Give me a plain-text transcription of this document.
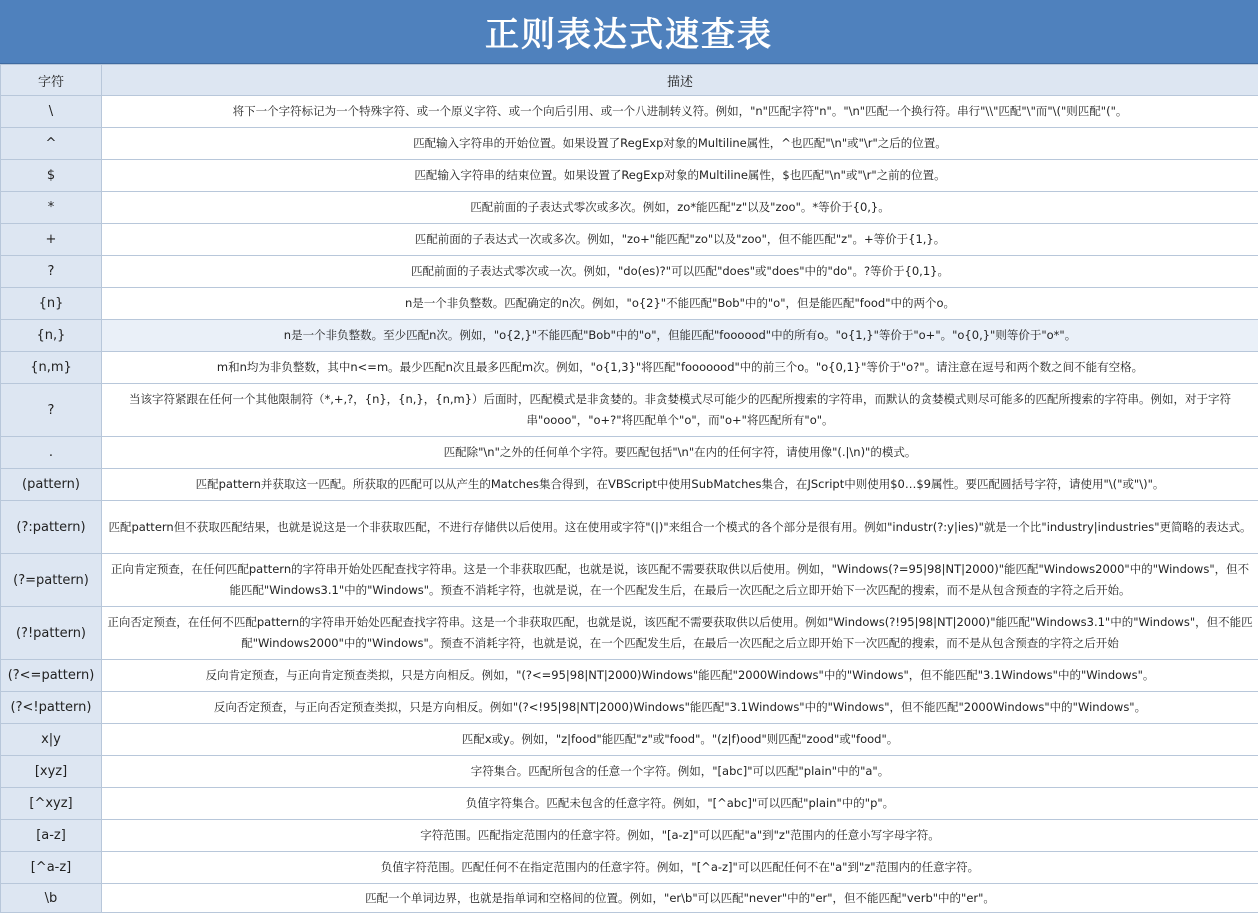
正则表达式速查表
字符	描述
\	将下一个字符标记为一个特殊字符、或一个原义字符、或一个向后引用、或一个八进制转义符。例如，"n"匹配字符"n"。"\n"匹配一个换行符。串行"\\"匹配"\"而"\("则匹配"("。
^	匹配输入字符串的开始位置。如果设置了RegExp对象的Multiline属性，^也匹配"\n"或"\r"之后的位置。
$	匹配输入字符串的结束位置。如果设置了RegExp对象的Multiline属性，$也匹配"\n"或"\r"之前的位置。
*	匹配前面的子表达式零次或多次。例如，zo*能匹配"z"以及"zoo"。*等价于{0,}。
+	匹配前面的子表达式一次或多次。例如，"zo+"能匹配"zo"以及"zoo"，但不能匹配"z"。+等价于{1,}。
?	匹配前面的子表达式零次或一次。例如，"do(es)?"可以匹配"does"或"does"中的"do"。?等价于{0,1}。
{n}	n是一个非负整数。匹配确定的n次。例如，"o{2}"不能匹配"Bob"中的"o"，但是能匹配"food"中的两个o。
{n,}	n是一个非负整数。至少匹配n次。例如，"o{2,}"不能匹配"Bob"中的"o"，但能匹配"foooood"中的所有o。"o{1,}"等价于"o+"。"o{0,}"则等价于"o*"。
{n,m}	m和n均为非负整数，其中n<=m。最少匹配n次且最多匹配m次。例如，"o{1,3}"将匹配"fooooood"中的前三个o。"o{0,1}"等价于"o?"。请注意在逗号和两个数之间不能有空格。
?	当该字符紧跟在任何一个其他限制符（*,+,?，{n}，{n,}，{n,m}）后面时，匹配模式是非贪婪的。非贪婪模式尽可能少的匹配所搜索的字符串，而默认的贪婪模式则尽可能多的匹配所搜索的字符串。例如，对于字符串"oooo"，"o+?"将匹配单个"o"，而"o+"将匹配所有"o"。
.	匹配除"\n"之外的任何单个字符。要匹配包括"\n"在内的任何字符，请使用像"(.|\n)"的模式。
(pattern)	匹配pattern并获取这一匹配。所获取的匹配可以从产生的Matches集合得到，在VBScript中使用SubMatches集合，在JScript中则使用$0…$9属性。要匹配圆括号字符，请使用"\("或"\)"。
(?:pattern)	匹配pattern但不获取匹配结果，也就是说这是一个非获取匹配，不进行存储供以后使用。这在使用或字符"(|)"来组合一个模式的各个部分是很有用。例如"industr(?:y|ies)"就是一个比"industry|industries"更简略的表达式。
(?=pattern)	正向肯定预查，在任何匹配pattern的字符串开始处匹配查找字符串。这是一个非获取匹配，也就是说，该匹配不需要获取供以后使用。例如，"Windows(?=95|98|NT|2000)"能匹配"Windows2000"中的"Windows"，但不能匹配"Windows3.1"中的"Windows"。预查不消耗字符，也就是说，在一个匹配发生后，在最后一次匹配之后立即开始下一次匹配的搜索，而不是从包含预查的字符之后开始。
(?!pattern)	正向否定预查，在任何不匹配pattern的字符串开始处匹配查找字符串。这是一个非获取匹配，也就是说，该匹配不需要获取供以后使用。例如"Windows(?!95|98|NT|2000)"能匹配"Windows3.1"中的"Windows"，但不能匹配"Windows2000"中的"Windows"。预查不消耗字符，也就是说，在一个匹配发生后，在最后一次匹配之后立即开始下一次匹配的搜索，而不是从包含预查的字符之后开始
(?<=pattern)	反向肯定预查，与正向肯定预查类拟，只是方向相反。例如，"(?<=95|98|NT|2000)Windows"能匹配"2000Windows"中的"Windows"，但不能匹配"3.1Windows"中的"Windows"。
(?<!pattern)	反向否定预查，与正向否定预查类拟，只是方向相反。例如"(?<!95|98|NT|2000)Windows"能匹配"3.1Windows"中的"Windows"，但不能匹配"2000Windows"中的"Windows"。
x|y	匹配x或y。例如，"z|food"能匹配"z"或"food"。"(z|f)ood"则匹配"zood"或"food"。
[xyz]	字符集合。匹配所包含的任意一个字符。例如，"[abc]"可以匹配"plain"中的"a"。
[^xyz]	负值字符集合。匹配未包含的任意字符。例如，"[^abc]"可以匹配"plain"中的"p"。
[a-z]	字符范围。匹配指定范围内的任意字符。例如，"[a-z]"可以匹配"a"到"z"范围内的任意小写字母字符。
[^a-z]	负值字符范围。匹配任何不在指定范围内的任意字符。例如，"[^a-z]"可以匹配任何不在"a"到"z"范围内的任意字符。
\b	匹配一个单词边界，也就是指单词和空格间的位置。例如，"er\b"可以匹配"never"中的"er"，但不能匹配"verb"中的"er"。
